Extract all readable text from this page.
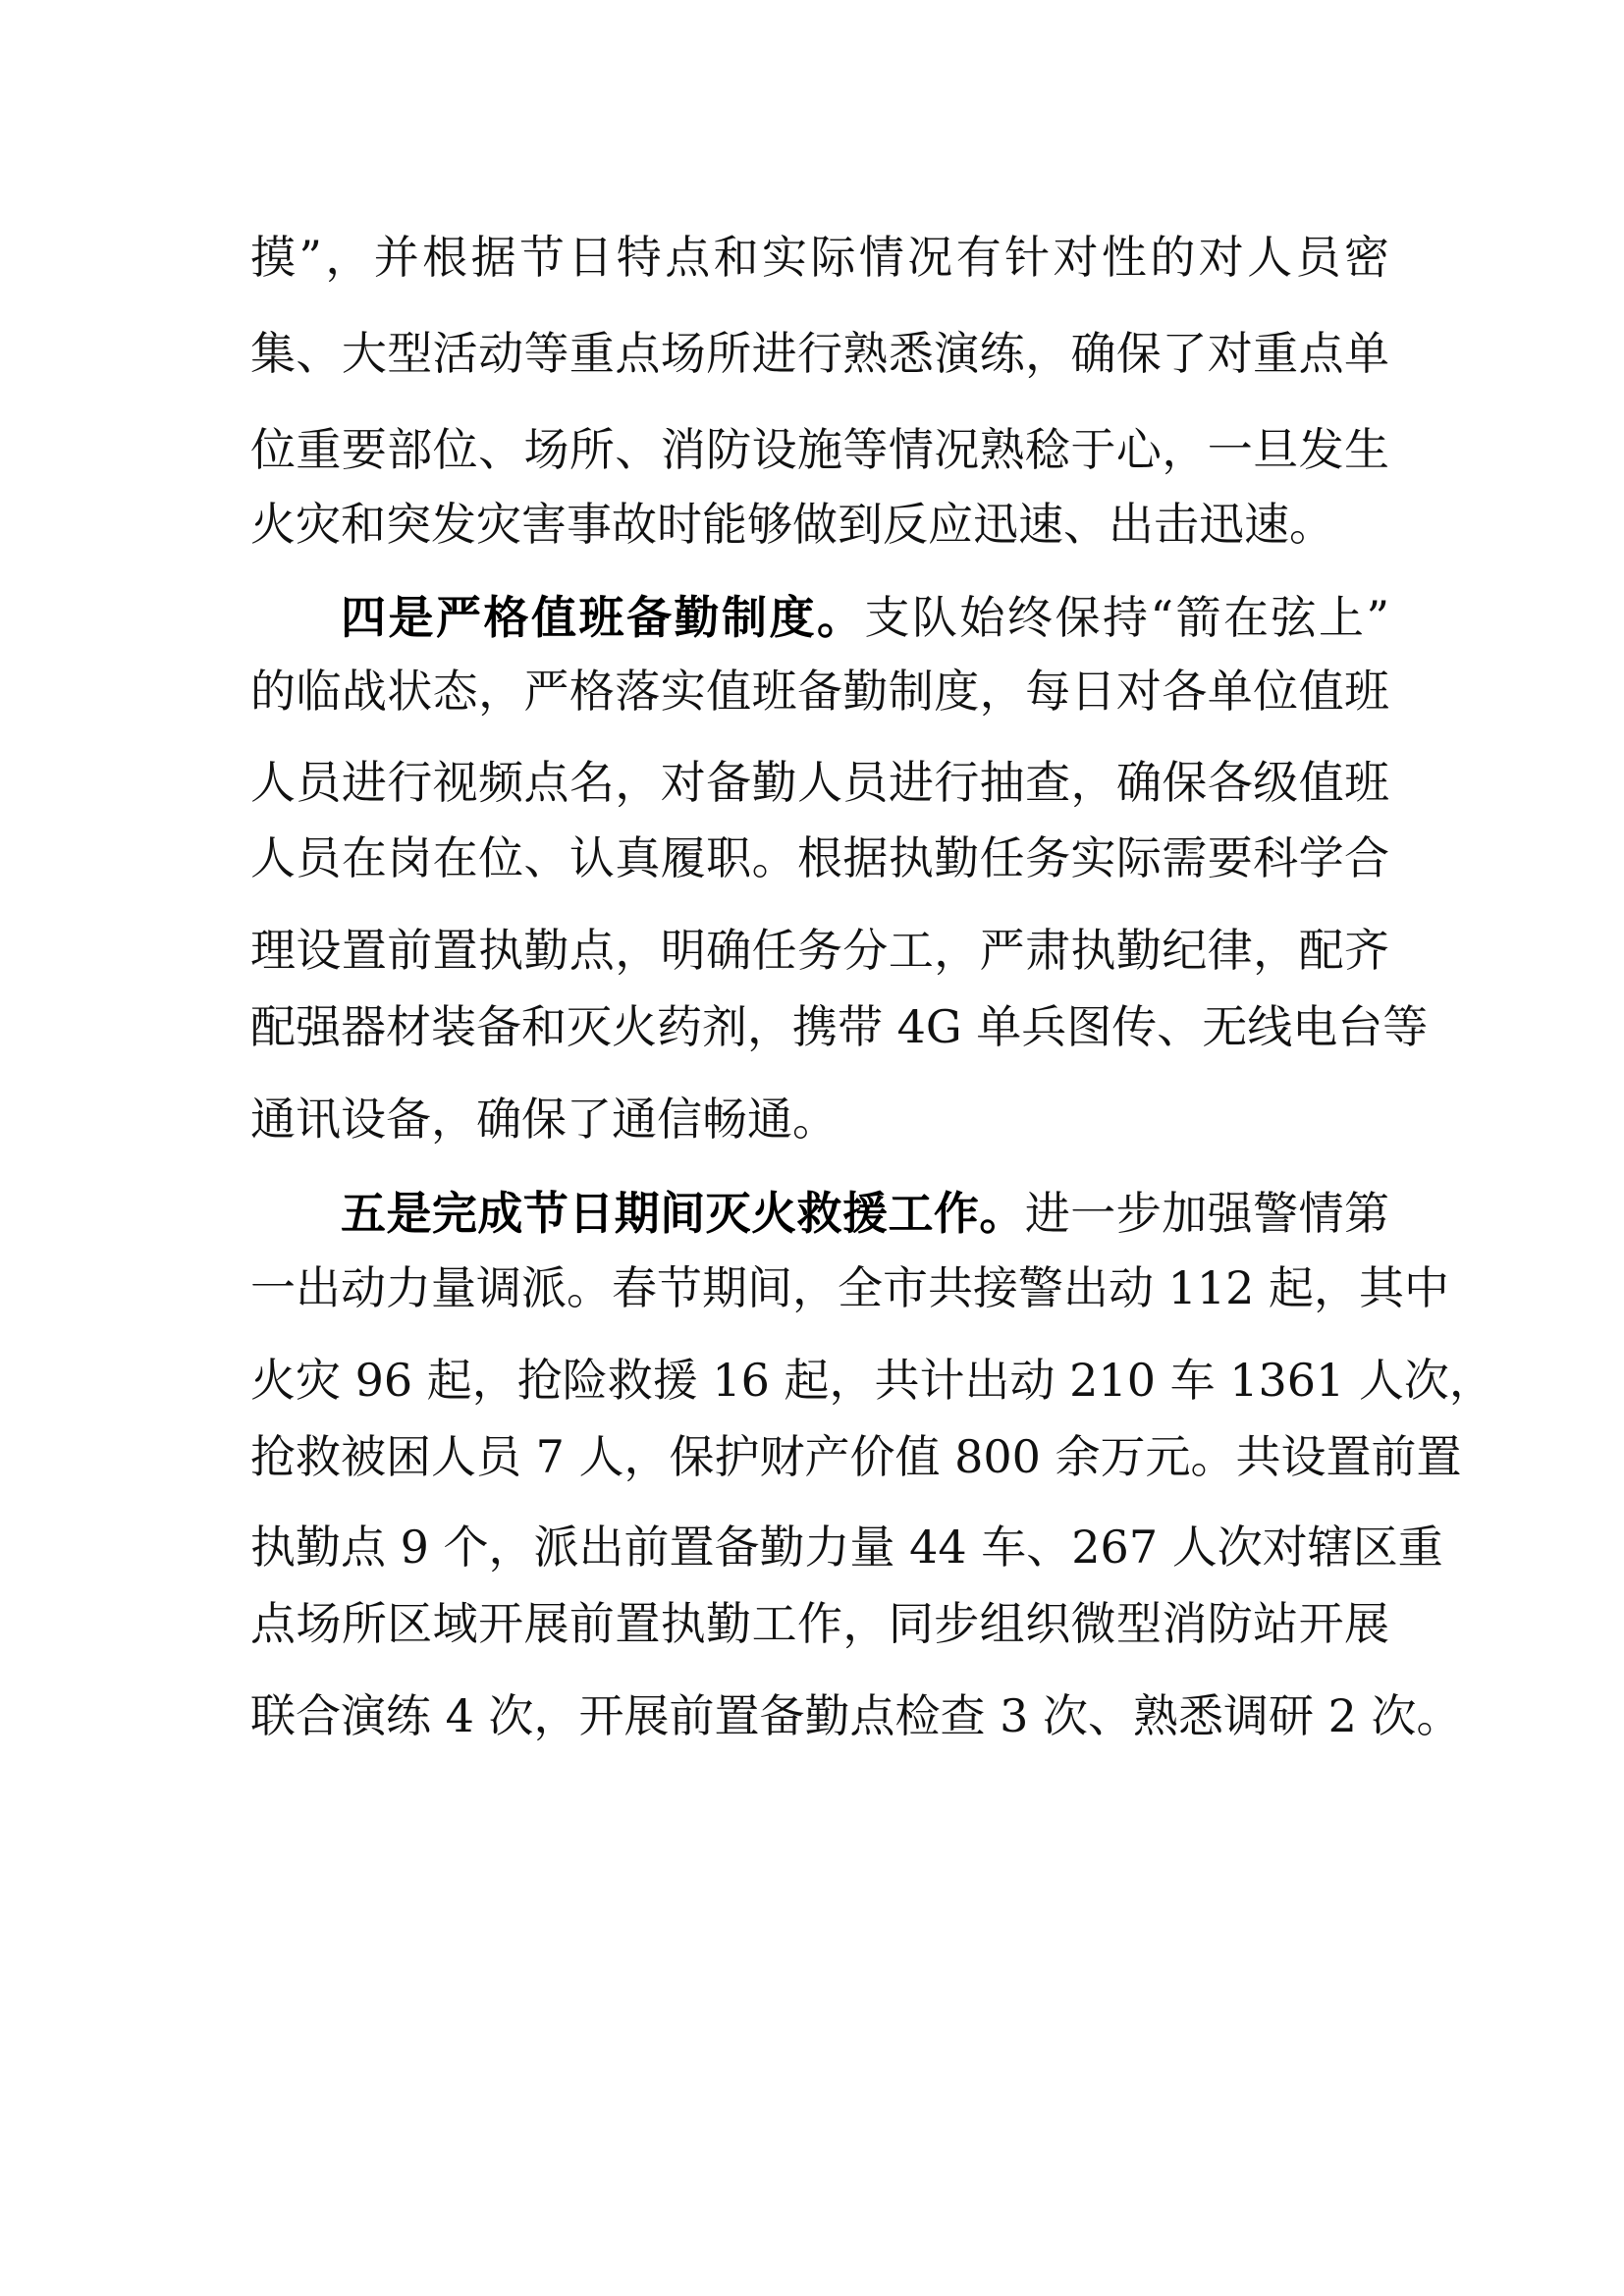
摸”，并根据节日特点和实际情况有针对性的对人员密
集、大型活动等重点场所进行熟悉演练，确保了对重点单
位重要部位、场所、消防设施等情况熟稔于心，一旦发生
火灾和突发灾害事故时能够做到反应迅速、出击迅速。
四是严格值班备勤制度。支队始终保持“箭在弦上”
的临战状态，严格落实值班备勤制度，每日对各单位值班
人员进行视频点名，对备勤人员进行抽查，确保各级值班
人员在岗在位、认真履职。根据执勤任务实际需要科学合
理设置前置执勤点，明确任务分工，严肃执勤纪律，配齐
配强器材装备和灭火药剂，携带 4G 单兵图传、无线电台等
通讯设备，确保了通信畅通。
五是完成节日期间灭火救援工作。进一步加强警情第
一出动力量调派。春节期间，全市共接警出动 112 起，其中
火灾 96 起，抢险救援 16 起，共计出动 210 车 1361 人次，
抢救被困人员 7 人，保护财产价值 800 余万元。共设置前置
执勤点 9 个，派出前置备勤力量 44 车、267 人次对辖区重
点场所区域开展前置执勤工作，同步组织微型消防站开展
联合演练 4 次，开展前置备勤点检查 3 次、熟悉调研 2 次。
